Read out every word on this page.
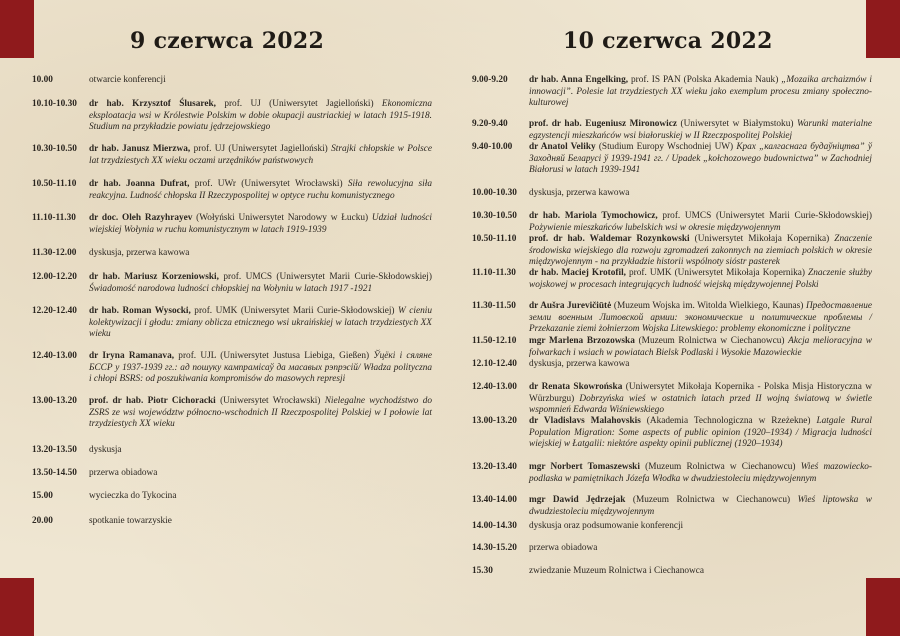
9 czerwca 2022	10 czerwca 2022
10.00	otwarcie konferencji
10.10-10.30	dr hab. Krzysztof Ślusarek, prof. UJ (Uniwersytet Jagielloński) Ekonomiczna eksploatacja wsi w Królestwie Polskim w dobie okupacji austriackiej w latach 1915-1918. Studium na przykładzie powiatu jędrzejowskiego
10.30-10.50	dr hab. Janusz Mierzwa, prof. UJ (Uniwersytet Jagielloński) Strajki chłopskie w Polsce lat trzydziestych XX wieku oczami urzędników państwowych
10.50-11.10	dr hab. Joanna Dufrat, prof. UWr (Uniwersytet Wrocławski) Siła rewolucyjna siła reakcyjna. Ludność chłopska II Rzeczypospolitej w optyce ruchu komunistycznego
11.10-11.30	dr doc. Oleh Razyhrayev (Wołyński Uniwersytet Narodowy w Łucku) Udział ludności wiejskiej Wołynia w ruchu komunistycznym w latach 1919-1939
11.30-12.00	dyskusja, przerwa kawowa
12.00-12.20	dr hab. Mariusz Korzeniowski, prof. UMCS (Uniwersytet Marii Curie-Skłodowskiej) Świadomość narodowa ludności chłopskiej na Wołyniu w latach 1917 -1921
12.20-12.40	dr hab. Roman Wysocki, prof. UMK (Uniwersytet Marii Curie-Skłodowskiej) W cieniu kolektywizacji i głodu: zmiany oblicza etnicznego wsi ukraińskiej w latach trzydziestych XX wieku
12.40-13.00	dr Iryna Ramanava, prof. UJL (Uniwersytet Justusa Liebiga, Gießen) Ўцёкі і сяляне БССР у 1937-1939 гг.: ад пошуку кампрамісаў да масавых рэпрэсій/ Władza polityczna i chłopi BSRS: od poszukiwania kompromisów do masowych represji
13.00-13.20	prof. dr hab. Piotr Cichoracki (Uniwersytet Wrocławski) Nielegalne wychodźstwo do ZSRS ze wsi województw północno-wschodnich II Rzeczpospolitej Polskiej w I połowie lat trzydziestych XX wieku
13.20-13.50	dyskusja
13.50-14.50	przerwa obiadowa
15.00	wycieczka do Tykocina
20.00	spotkanie towarzyskie
9.00-9.20	dr hab. Anna Engelking, prof. IS PAN (Polska Akademia Nauk) „Mozaika archaizmów i innowacji”. Polesie lat trzydziestych XX wieku jako exemplum procesu zmiany społeczno-kulturowej
9.20-9.40	prof. dr hab. Eugeniusz Mironowicz (Uniwersytet w Białymstoku) Warunki materialne egzystencji mieszkańców wsi białoruskiej w II Rzeczpospolitej Polskiej
9.40-10.00	dr Anatol Veliky (Studium Europy Wschodniej UW) Крах „калгаснага будаўніцтва” ў Заходняй Беларусі ў 1939-1941 гг. / Upadek „kołchozowego budownictwa” w Zachodniej Białorusi w latach 1939-1941
10.00-10.30	dyskusja, przerwa kawowa
10.30-10.50	dr hab. Mariola Tymochowicz, prof. UMCS (Uniwersytet Marii Curie-Skłodowskiej) Pożywienie mieszkańców lubelskich wsi w okresie międzywojennym
10.50-11.10	prof. dr hab. Waldemar Rozynkowski (Uniwersytet Mikołaja Kopernika) Znaczenie środowiska wiejskiego dla rozwoju zgromadzeń zakonnych na ziemiach polskich w okresie międzywojennym - na przykładzie historii wspólnoty sióstr pasterek
11.10-11.30	dr hab. Maciej Krotofil, prof. UMK (Uniwersytet Mikołaja Kopernika) Znaczenie służby wojskowej w procesach integrujących ludność wiejską międzywojennej Polski
11.30-11.50	dr Aušra Jurevičiūtė (Muzeum Wojska im. Witolda Wielkiego, Kaunas) Предоставление земли военным Литовской армии: экономические и политические проблемы / Przekazanie ziemi żołnierzom Wojska Litewskiego: problemy ekonomiczne i polityczne
11.50-12.10	mgr Marlena Brzozowska (Muzeum Rolnictwa w Ciechanowcu) Akcja melioracyjna w folwarkach i wsiach w powiatach Bielsk Podlaski i Wysokie Mazowieckie
12.10-12.40	dyskusja, przerwa kawowa
12.40-13.00	dr Renata Skowrońska (Uniwersytet Mikołaja Kopernika - Polska Misja Historyczna w Würzburgu) Dobrzyńska wieś w ostatnich latach przed II wojną światową w świetle wspomnień Edwarda Wiśniewskiego
13.00-13.20	dr Vladislavs Malahovskis (Akademia Technologiczna w Rzeżekne) Latgale Rural Population Migration: Some aspects of public opinion (1920–1934) / Migracja ludności wiejskiej w Łatgalii: niektóre aspekty opinii publicznej (1920–1934)
13.20-13.40	mgr Norbert Tomaszewski (Muzeum Rolnictwa w Ciechanowcu) Wieś mazowiecko-podlaska w pamiętnikach Józefa Włodka w dwudziestoleciu międzywojennym
13.40-14.00	mgr Dawid Jędrzejak (Muzeum Rolnictwa w Ciechanowcu) Wieś liptowska w dwudziestoleciu międzywojennym
14.00-14.30	dyskusja oraz podsumowanie konferencji
14.30-15.20	przerwa obiadowa
15.30	zwiedzanie Muzeum Rolnictwa i Ciechanowca
